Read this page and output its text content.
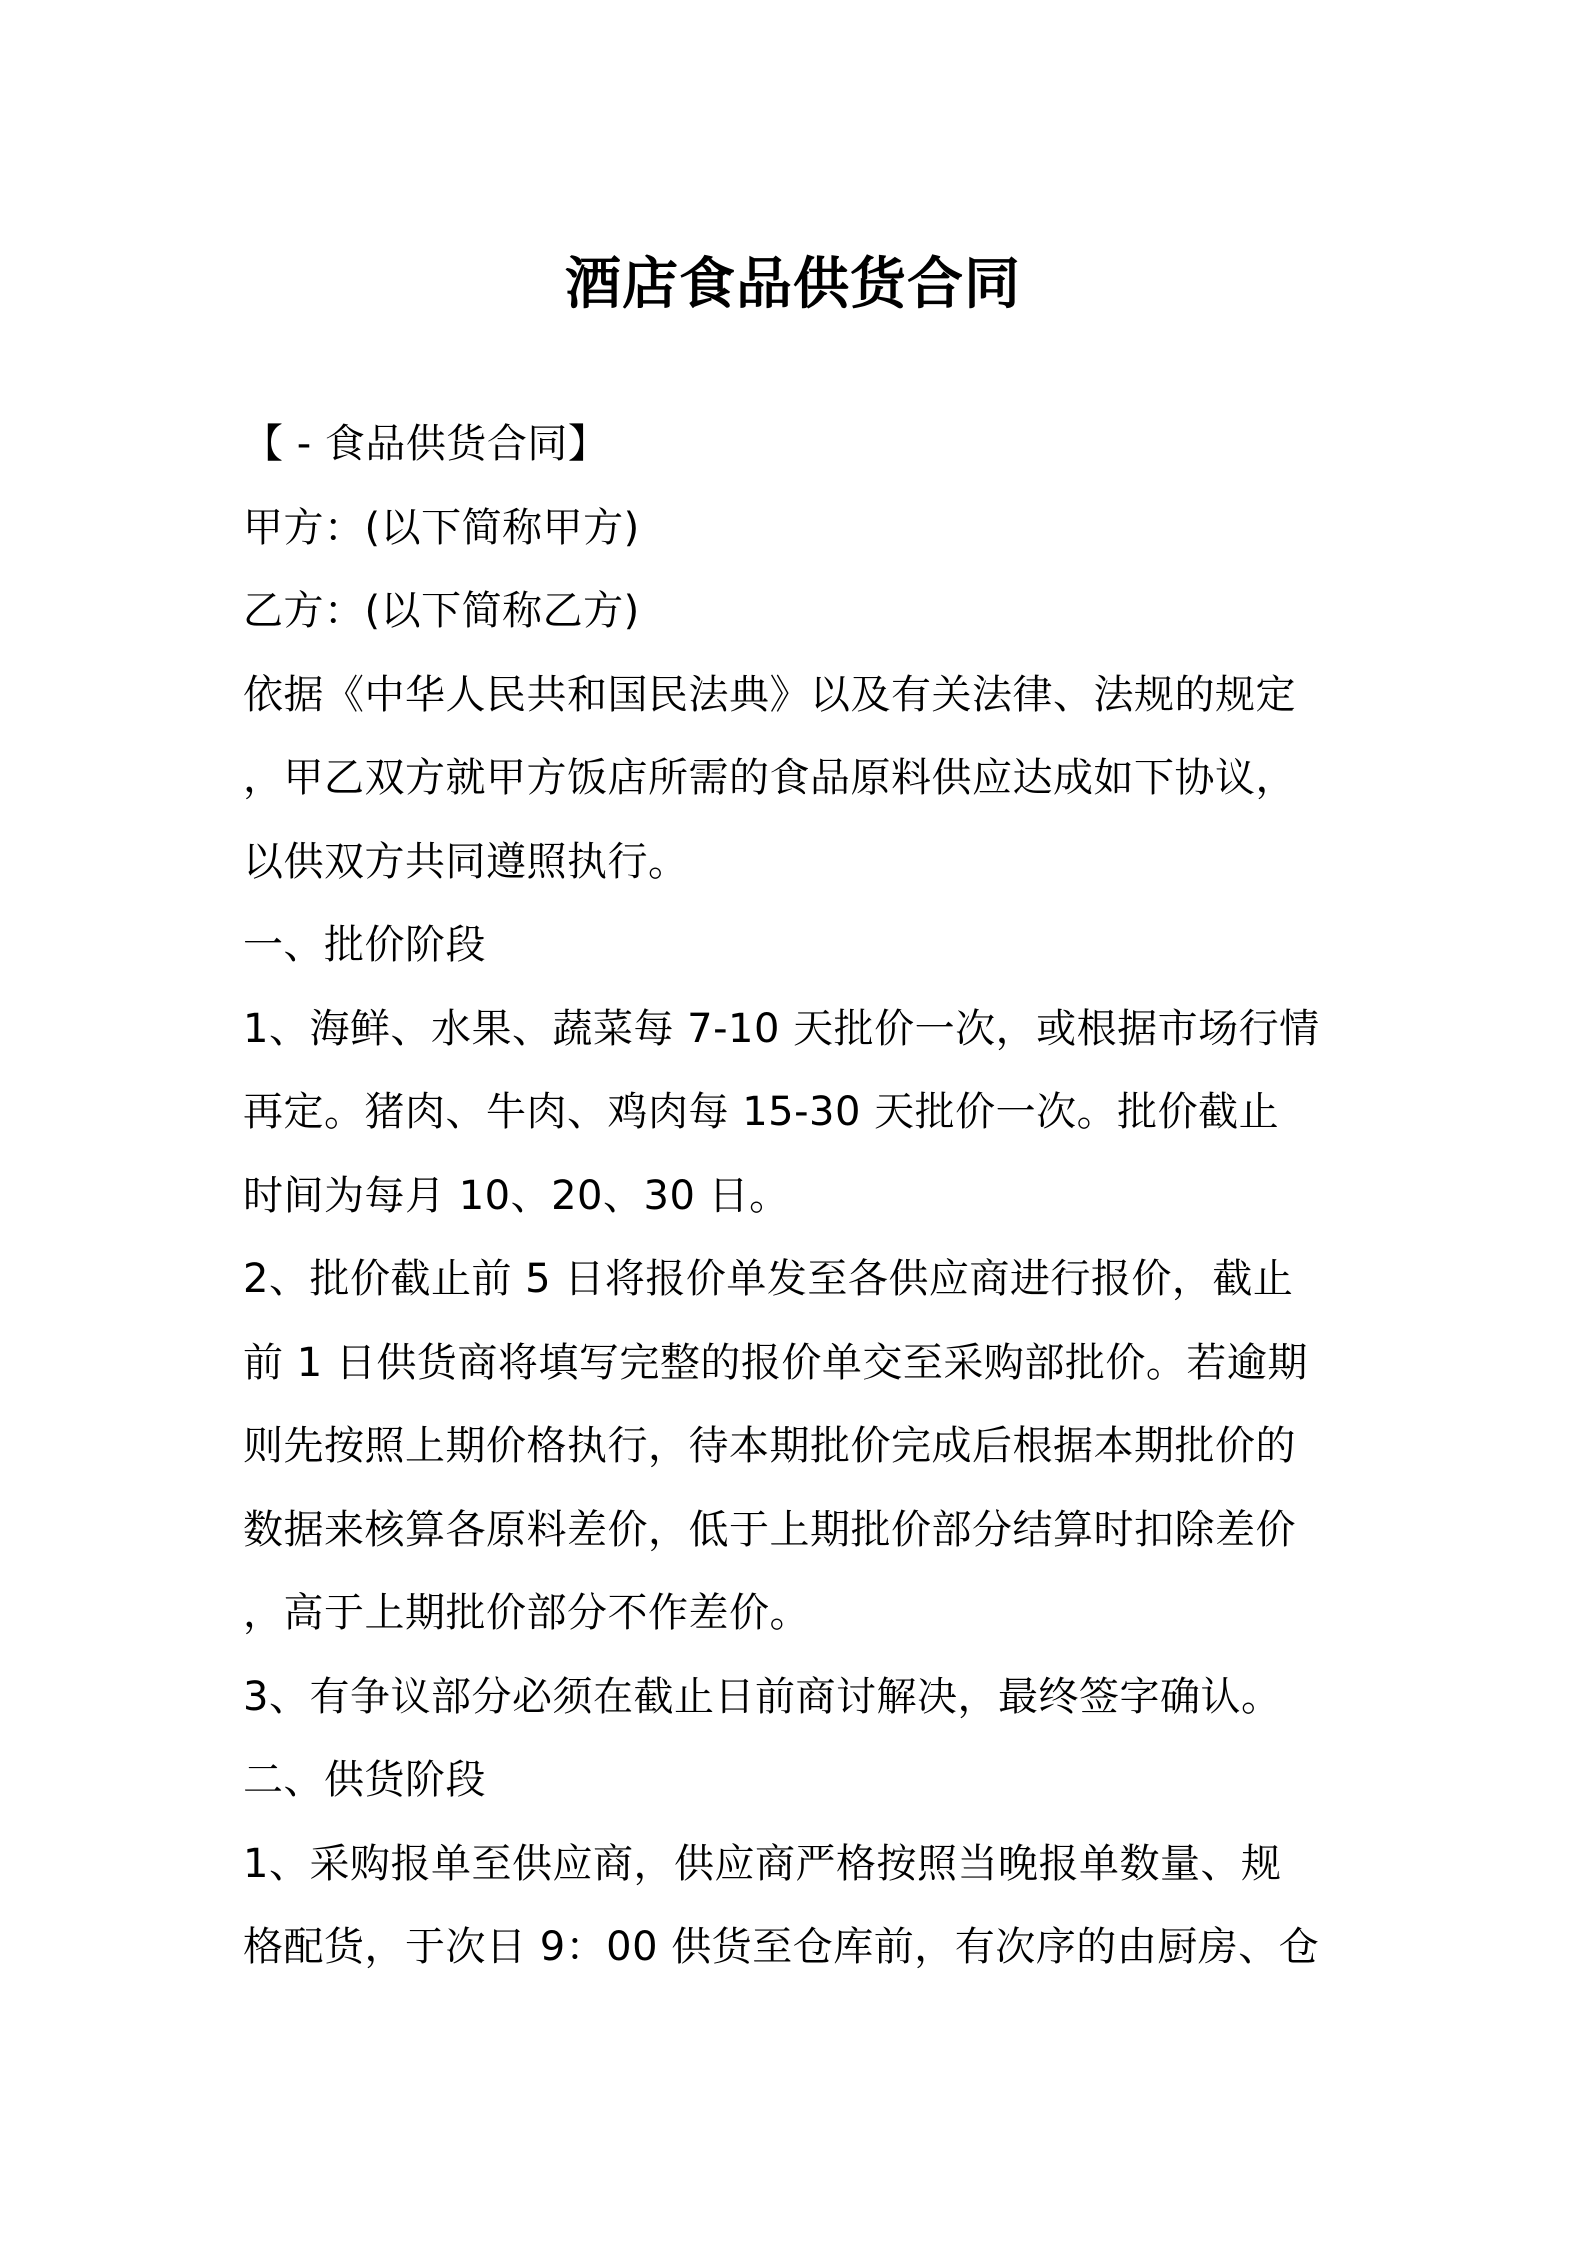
酒店食品供货合同
【 - 食品供货合同】
甲方：(以下简称甲方)
乙方：(以下简称乙方)
依据《中华人民共和国民法典》以及有关法律、法规的规定
，甲乙双方就甲方饭店所需的食品原料供应达成如下协议，
以供双方共同遵照执行。
一、批价阶段
1、海鲜、水果、蔬菜每 7-10 天批价一次，或根据市场行情
再定。猪肉、牛肉、鸡肉每 15-30 天批价一次。批价截止
时间为每月 10、20、30 日。
2、批价截止前 5 日将报价单发至各供应商进行报价，截止
前 1 日供货商将填写完整的报价单交至采购部批价。若逾期
则先按照上期价格执行，待本期批价完成后根据本期批价的
数据来核算各原料差价，低于上期批价部分结算时扣除差价
，高于上期批价部分不作差价。
3、有争议部分必须在截止日前商讨解决，最终签字确认。
二、供货阶段
1、采购报单至供应商，供应商严格按照当晚报单数量、规
格配货，于次日 9：00 供货至仓库前，有次序的由厨房、仓
